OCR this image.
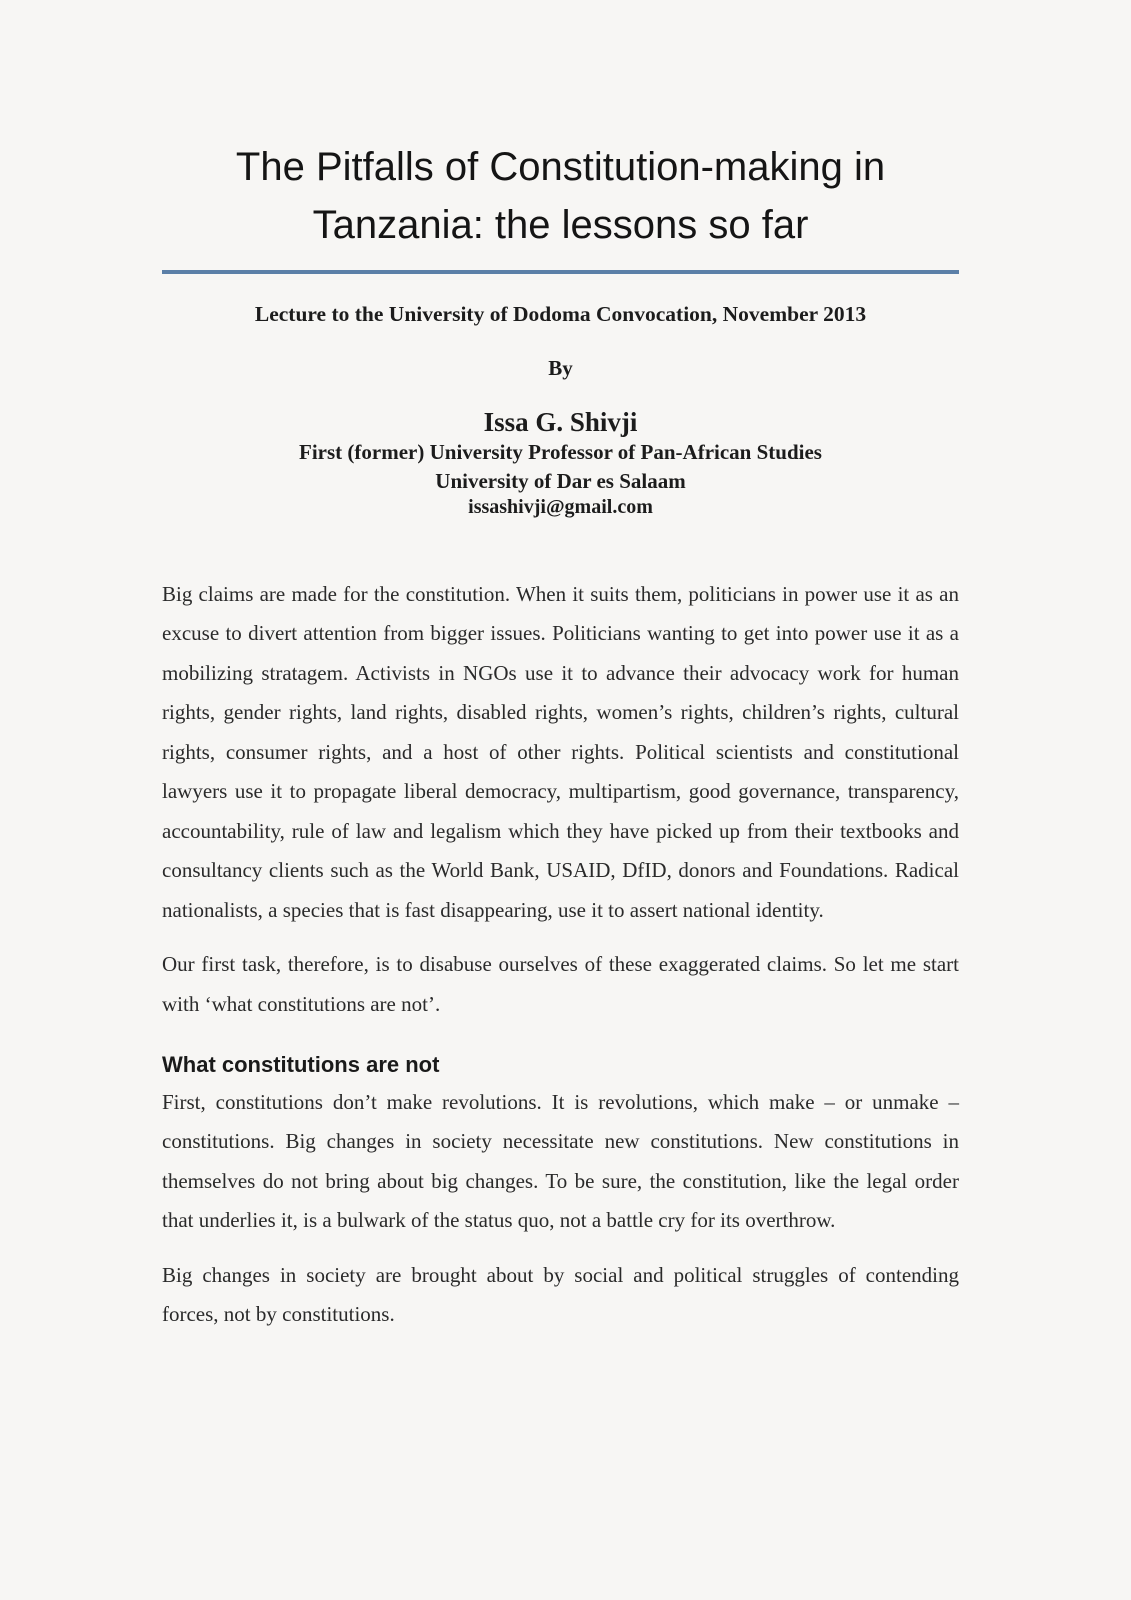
The Pitfalls of Constitution-making in Tanzania: the lessons so far
Lecture to the University of Dodoma Convocation, November 2013
By
Issa G. Shivji
First (former) University Professor of Pan-African Studies
University of Dar es Salaam
issashivji@gmail.com

Big claims are made for the constitution. When it suits them, politicians in power use it as an excuse to divert attention from bigger issues. Politicians wanting to get into power use it as a mobilizing stratagem. Activists in NGOs use it to advance their advocacy work for human rights, gender rights, land rights, disabled rights, women’s rights, children’s rights, cultural rights, consumer rights, and a host of other rights. Political scientists and constitutional lawyers use it to propagate liberal democracy, multipartism, good governance, transparency, accountability, rule of law and legalism which they have picked up from their textbooks and consultancy clients such as the World Bank, USAID, DfID, donors and Foundations. Radical nationalists, a species that is fast disappearing, use it to assert national identity.

Our first task, therefore, is to disabuse ourselves of these exaggerated claims. So let me start with ‘what constitutions are not’.

What constitutions are not

First, constitutions don’t make revolutions. It is revolutions, which make – or unmake – constitutions. Big changes in society necessitate new constitutions. New constitutions in themselves do not bring about big changes. To be sure, the constitution, like the legal order that underlies it, is a bulwark of the status quo, not a battle cry for its overthrow.

Big changes in society are brought about by social and political struggles of contending forces, not by constitutions.
